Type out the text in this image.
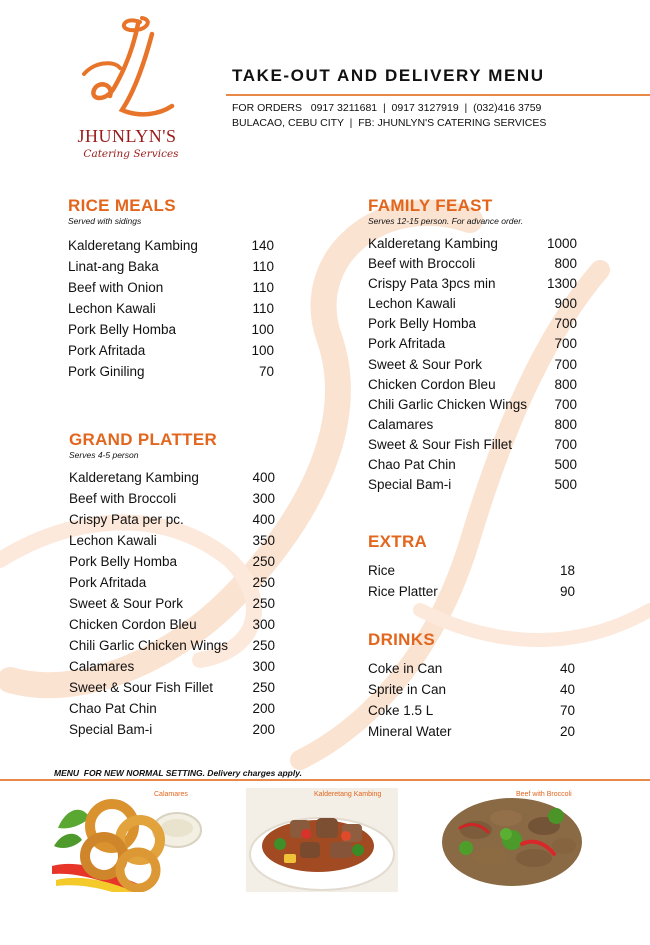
JHUNLYN'S
Catering Services
TAKE-OUT AND DELIVERY MENU
FOR ORDERS   0917 3211681  |  0917 3127919  |  (032)416 3759
BULACAO, CEBU CITY  |  FB: JHUNLYN'S CATERING SERVICES
RICE MEALS
Served with sidings
Kalderetang Kambing	140
Linat-ang Baka	110
Beef with Onion	110
Lechon Kawali	110
Pork Belly Homba	100
Pork Afritada	100
Pork Giniling	70
GRAND PLATTER
Serves 4-5 person
Kalderetang Kambing	400
Beef with Broccoli	300
Crispy Pata per pc.	400
Lechon Kawali	350
Pork Belly Homba	250
Pork Afritada	250
Sweet & Sour Pork	250
Chicken Cordon Bleu	300
Chili Garlic Chicken Wings 250
Calamares	300
Sweet & Sour Fish Fillet	250
Chao Pat Chin	200
Special Bam-i	200
FAMILY FEAST
Serves 12-15 person. For advance order.
Kalderetang Kambing	1000
Beef with Broccoli	800
Crispy Pata 3pcs min	1300
Lechon Kawali	900
Pork Belly Homba	700
Pork Afritada	700
Sweet & Sour Pork	700
Chicken Cordon Bleu	800
Chili Garlic Chicken Wings 700
Calamares	800
Sweet & Sour Fish Fillet	700
Chao Pat Chin	500
Special Bam-i	500
EXTRA
Rice	18
Rice Platter	90
DRINKS
Coke in Can	40
Sprite in Can	40
Coke 1.5 L	70
Mineral Water	20
MENU  FOR NEW NORMAL SETTING. Delivery charges apply.
Calamares	Kalderetang Kambing	Beef with Broccoli
